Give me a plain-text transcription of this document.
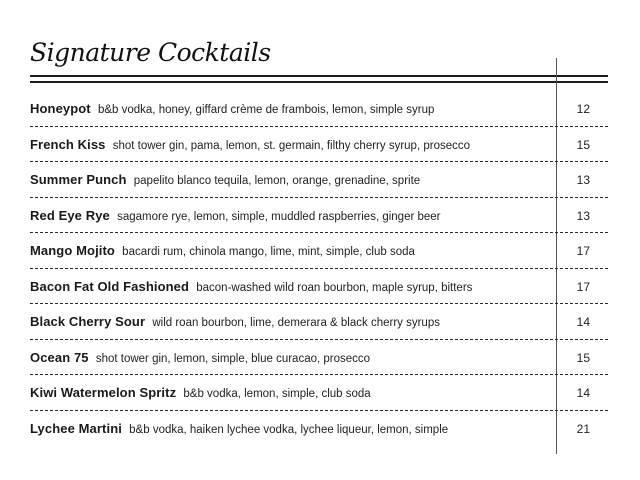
Signature Cocktails
Honeypot b&b vodka, honey, giffard crème de frambois, lemon, simple syrup	12
French Kiss shot tower gin, pama, lemon, st. germain, filthy cherry syrup, prosecco	15
Summer Punch papelito blanco tequila, lemon, orange, grenadine, sprite	13
Red Eye Rye sagamore rye, lemon, simple, muddled raspberries, ginger beer	13
Mango Mojito bacardi rum, chinola mango, lime, mint, simple, club soda	17
Bacon Fat Old Fashioned bacon-washed wild roan bourbon, maple syrup, bitters	17
Black Cherry Sour wild roan bourbon, lime, demerara & black cherry syrups	14
Ocean 75 shot tower gin, lemon, simple, blue curacao, prosecco	15
Kiwi Watermelon Spritz b&b vodka, lemon, simple, club soda	14
Lychee Martini b&b vodka, haiken lychee vodka, lychee liqueur, lemon, simple	21
